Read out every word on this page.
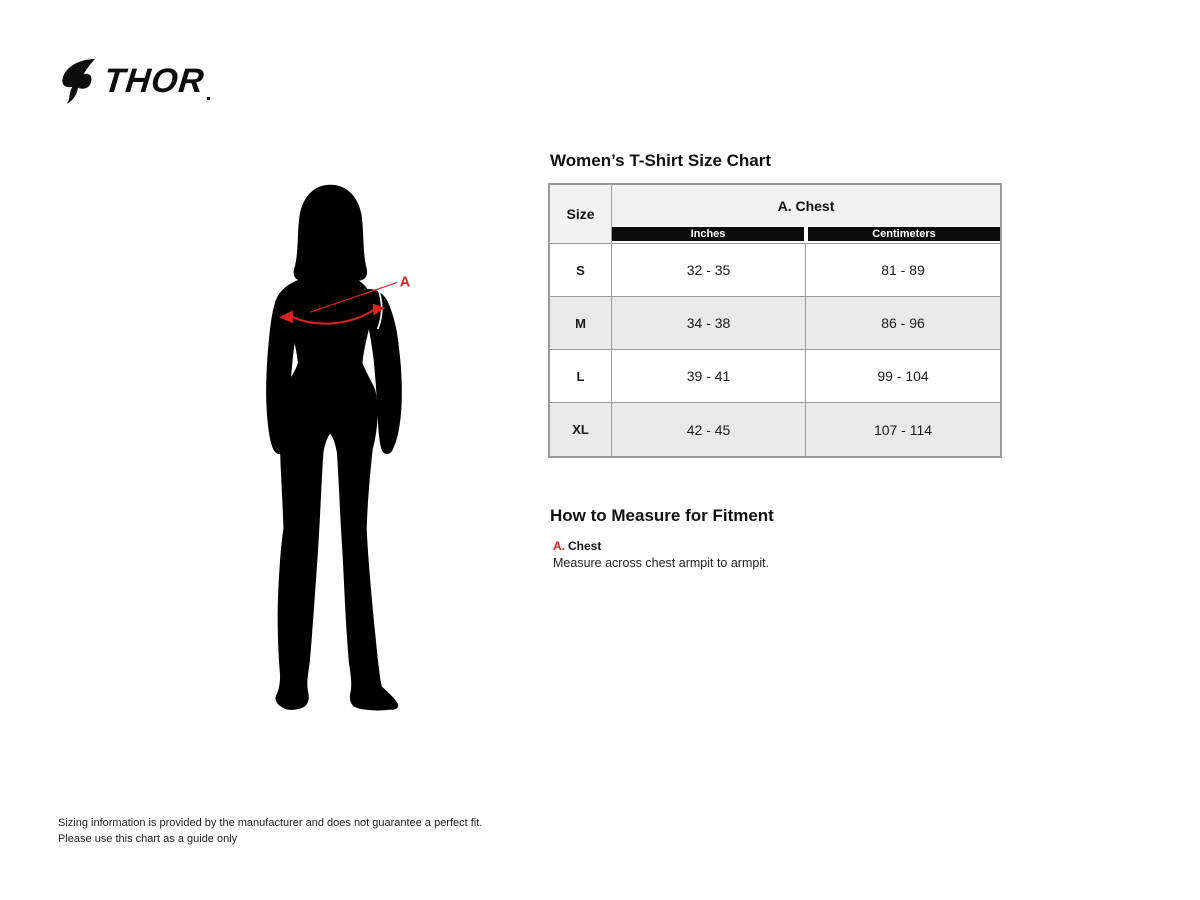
THOR
A
Women’s T-Shirt Size Chart
Size
A. Chest
Inches	Centimeters
S	32 - 35	81 - 89
M	34 - 38	86 - 96
L	39 - 41	99 - 104
XL	42 - 45	107 - 114
How to Measure for Fitment
A. Chest
Measure across chest armpit to armpit.
Sizing information is provided by the manufacturer and does not guarantee a perfect fit.
Please use this chart as a guide only
